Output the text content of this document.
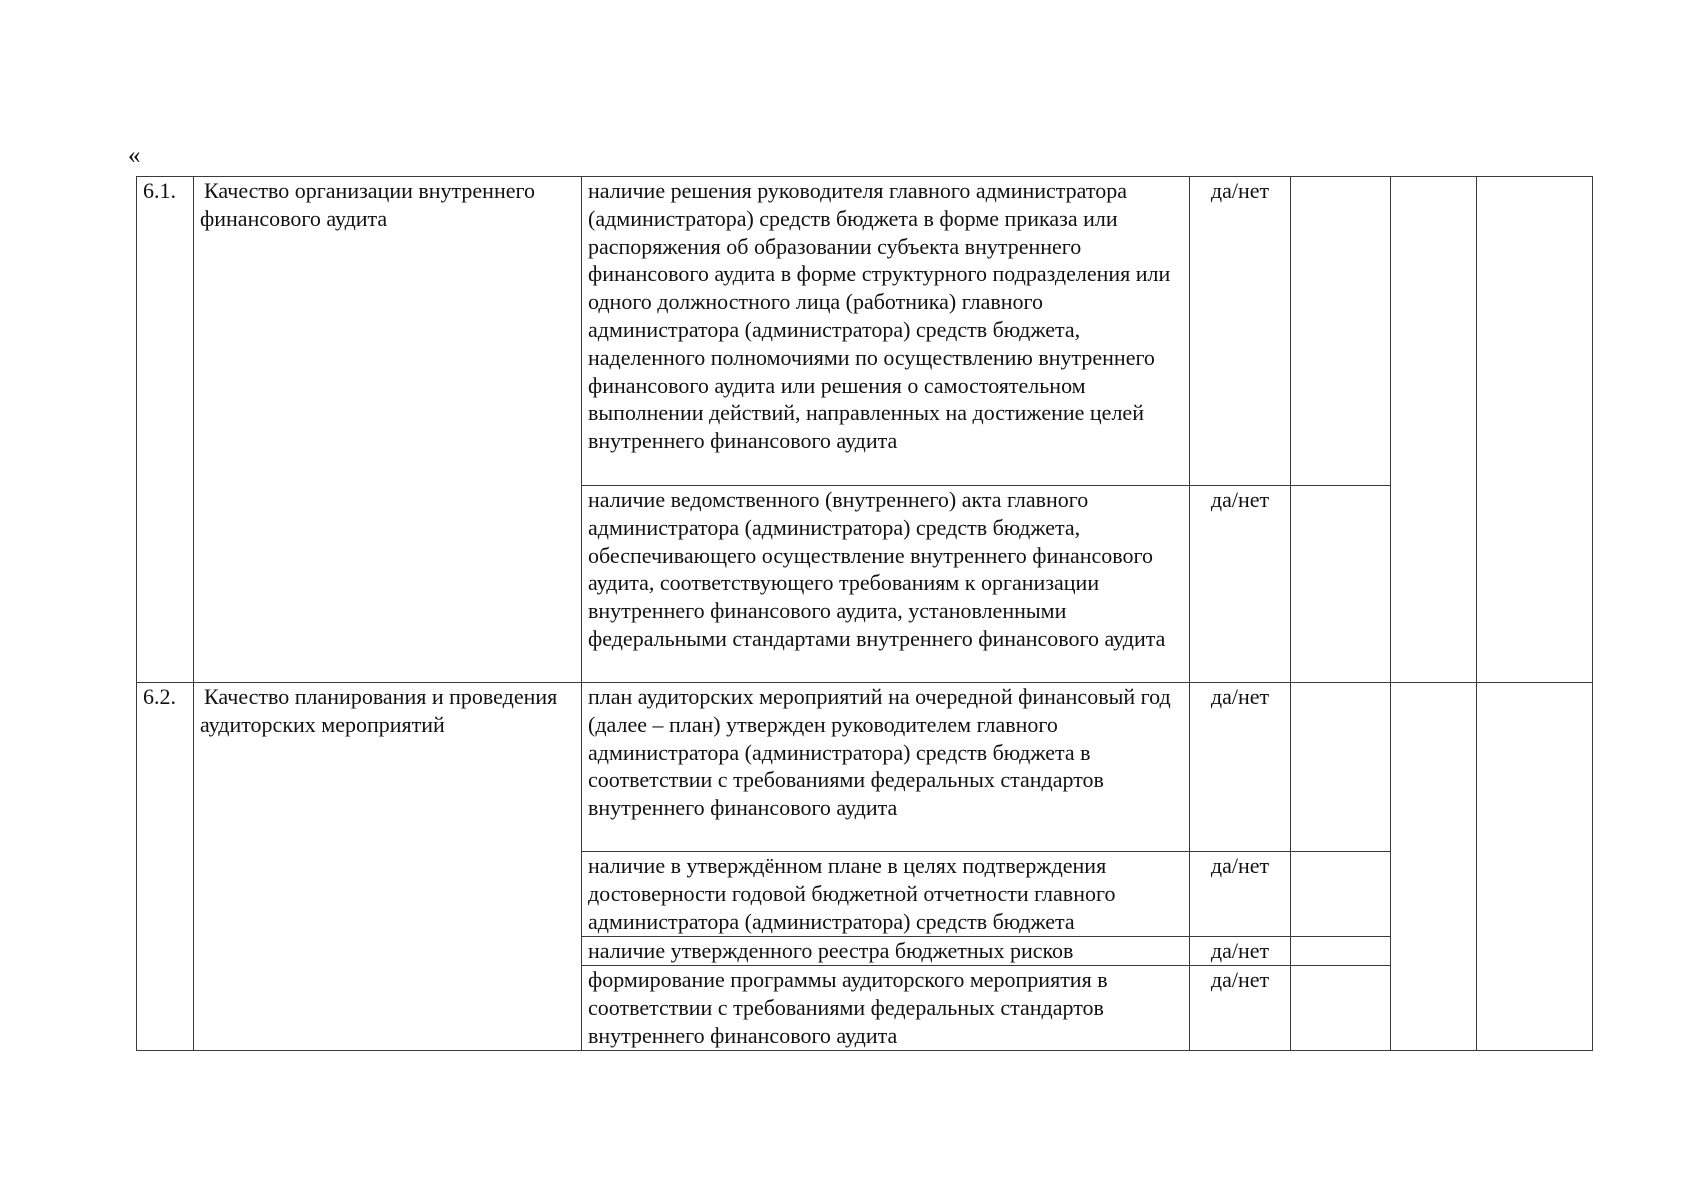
«
6.1.	Качество организации внутреннего финансового аудита	наличие решения руководителя главного администратора (администратора) средств бюджета в форме приказа или распоряжения об образовании субъекта внутреннего финансового аудита в форме структурного подразделения или одного должностного лица (работника) главного администратора (администратора) средств бюджета, наделенного полномочиями по осуществлению внутреннего финансового аудита или решения о самостоятельном выполнении действий, направленных на достижение целей внутреннего финансового аудита	да/нет			
		наличие ведомственного (внутреннего) акта главного администратора (администратора) средств бюджета, обеспечивающего осуществление внутреннего финансового аудита, соответствующего требованиям к организации внутреннего финансового аудита, установленными федеральными стандартами внутреннего финансового аудита	да/нет			
6.2.	Качество планирования и проведения аудиторских мероприятий	план аудиторских мероприятий на очередной финансовый год (далее – план) утвержден руководителем главного администратора (администратора) средств бюджета в соответствии с требованиями федеральных стандартов внутреннего финансового аудита	да/нет			
		наличие в утверждённом плане в целях подтверждения достоверности годовой бюджетной отчетности главного администратора (администратора) средств бюджета	да/нет			
		наличие утвержденного реестра бюджетных рисков	да/нет			
		формирование программы аудиторского мероприятия в соответствии с требованиями федеральных стандартов внутреннего финансового аудита	да/нет			
